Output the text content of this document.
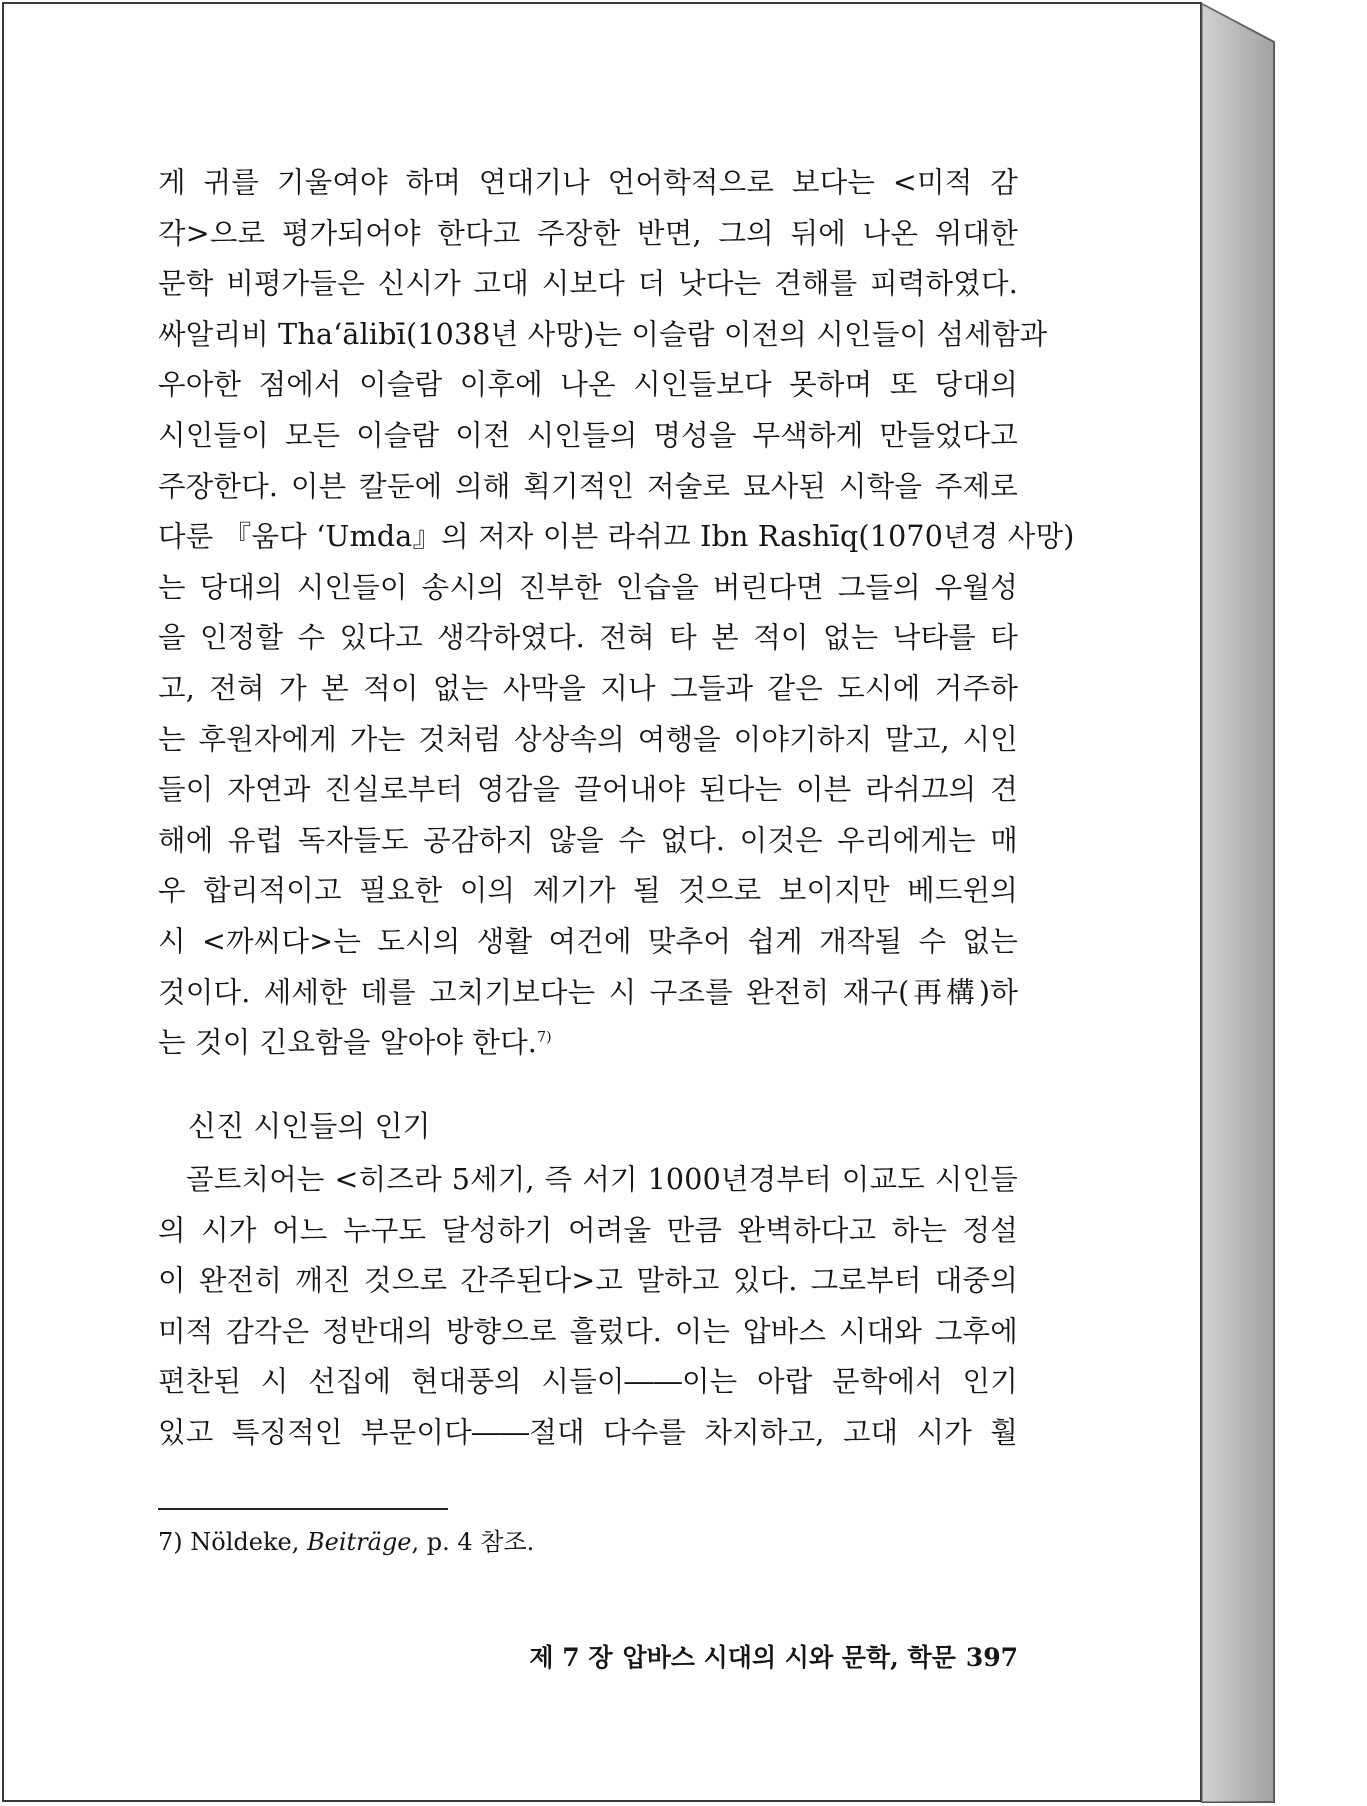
게 귀를 기울여야 하며 연대기나 언어학적으로 보다는 <미적 감
각>으로 평가되어야 한다고 주장한 반면, 그의 뒤에 나온 위대한
문학 비평가들은 신시가 고대 시보다 더 낫다는 견해를 피력하였다.
싸알리비 Thaʻālibī(1038년 사망)는 이슬람 이전의 시인들이 섬세함과
우아한 점에서 이슬람 이후에 나온 시인들보다 못하며 또 당대의
시인들이 모든 이슬람 이전 시인들의 명성을 무색하게 만들었다고
주장한다. 이븐 칼둔에 의해 획기적인 저술로 묘사된 시학을 주제로
다룬 『움다 ʻUmda』의 저자 이븐 라쉬끄 Ibn Rashīq(1070년경 사망)
는 당대의 시인들이 송시의 진부한 인습을 버린다면 그들의 우월성
을 인정할 수 있다고 생각하였다. 전혀 타 본 적이 없는 낙타를 타
고, 전혀 가 본 적이 없는 사막을 지나 그들과 같은 도시에 거주하
는 후원자에게 가는 것처럼 상상속의 여행을 이야기하지 말고, 시인
들이 자연과 진실로부터 영감을 끌어내야 된다는 이븐 라쉬끄의 견
해에 유럽 독자들도 공감하지 않을 수 없다. 이것은 우리에게는 매
우 합리적이고 필요한 이의 제기가 될 것으로 보이지만 베드윈의
시 <까씨다>는 도시의 생활 여건에 맞추어 쉽게 개작될 수 없는
것이다. 세세한 데를 고치기보다는 시 구조를 완전히 재구(再構)하
는 것이 긴요함을 알아야 한다.$^{7)}$
신진 시인들의 인기
골트치어는 <히즈라 5세기, 즉 서기 1000년경부터 이교도 시인들
의 시가 어느 누구도 달성하기 어려울 만큼 완벽하다고 하는 정설
이 완전히 깨진 것으로 간주된다>고 말하고 있다. 그로부터 대중의
미적 감각은 정반대의 방향으로 흘렀다. 이는 압바스 시대와 그후에
편찬된 시 선집에 현대풍의 시들이――이는 아랍 문학에서 인기
있고 특징적인 부문이다――절대 다수를 차지하고, 고대 시가 훨

7) Nöldeke, Beiträge, p. 4 참조.

제 7 장 압바스 시대의 시와 문학, 학문 397
